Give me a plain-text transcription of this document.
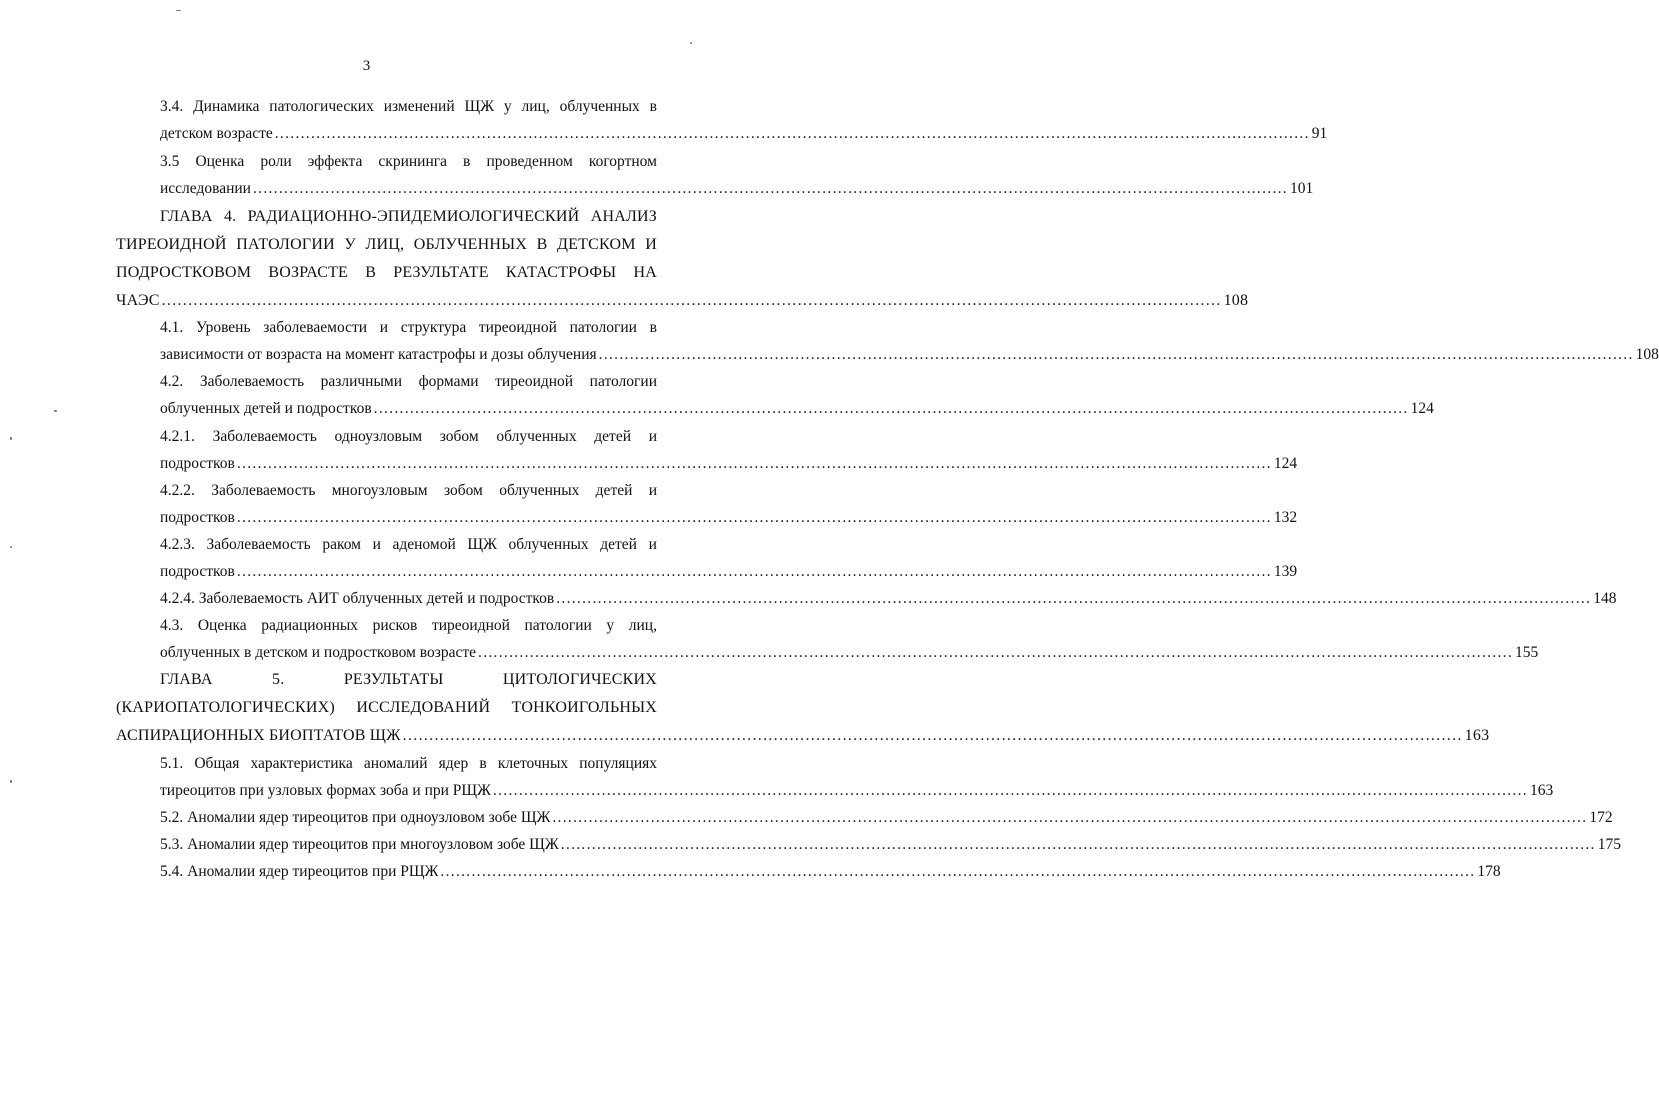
3
3.4. Динамика патологических изменений ЩЖ у лиц, облученных в
детском возрасте ........................................................................................................................................................................................................ 91
3.5 Оценка роли эффекта скрининга в проведенном когортном
исследовании ........................................................................................................................................................................................................ 101
ГЛАВА 4. РАДИАЦИОННО-ЭПИДЕМИОЛОГИЧЕСКИЙ АНАЛИЗ
ТИРЕОИДНОЙ ПАТОЛОГИИ У ЛИЦ, ОБЛУЧЕННЫХ В ДЕТСКОМ И
ПОДРОСТКОВОМ ВОЗРАСТЕ В РЕЗУЛЬТАТЕ КАТАСТРОФЫ НА
ЧАЭС ........................................................................................................................................................................................................ 108
4.1. Уровень заболеваемости и структура тиреоидной патологии в
зависимости от возраста на момент катастрофы и дозы облучения ........................................................................................................................................................................................................ 108
4.2. Заболеваемость различными формами тиреоидной патологии
облученных детей и подростков ........................................................................................................................................................................................................ 124
4.2.1. Заболеваемость одноузловым зобом облученных детей и
подростков ........................................................................................................................................................................................................ 124
4.2.2. Заболеваемость многоузловым зобом облученных детей и
подростков ........................................................................................................................................................................................................ 132
4.2.3. Заболеваемость раком и аденомой ЩЖ облученных детей и
подростков ........................................................................................................................................................................................................ 139
4.2.4. Заболеваемость АИТ облученных детей и подростков ........................................................................................................................................................................................................ 148
4.3. Оценка радиационных рисков тиреоидной патологии у лиц,
облученных в детском и подростковом возрасте ........................................................................................................................................................................................................ 155
ГЛАВА	5.	РЕЗУЛЬТАТЫ	ЦИТОЛОГИЧЕСКИХ
(КАРИОПАТОЛОГИЧЕСКИХ) ИССЛЕДОВАНИЙ ТОНКОИГОЛЬНЫХ
АСПИРАЦИОННЫХ БИОПТАТОВ ЩЖ ........................................................................................................................................................................................................ 163
5.1. Общая характеристика аномалий ядер в клеточных популяциях
тиреоцитов при узловых формах зоба и при РЩЖ ........................................................................................................................................................................................................ 163
5.2. Аномалии ядер тиреоцитов при одноузловом зобе ЩЖ ........................................................................................................................................................................................................ 172
5.3. Аномалии ядер тиреоцитов при многоузловом зобе ЩЖ ........................................................................................................................................................................................................ 175
5.4. Аномалии ядер тиреоцитов при РЩЖ ........................................................................................................................................................................................................ 178
